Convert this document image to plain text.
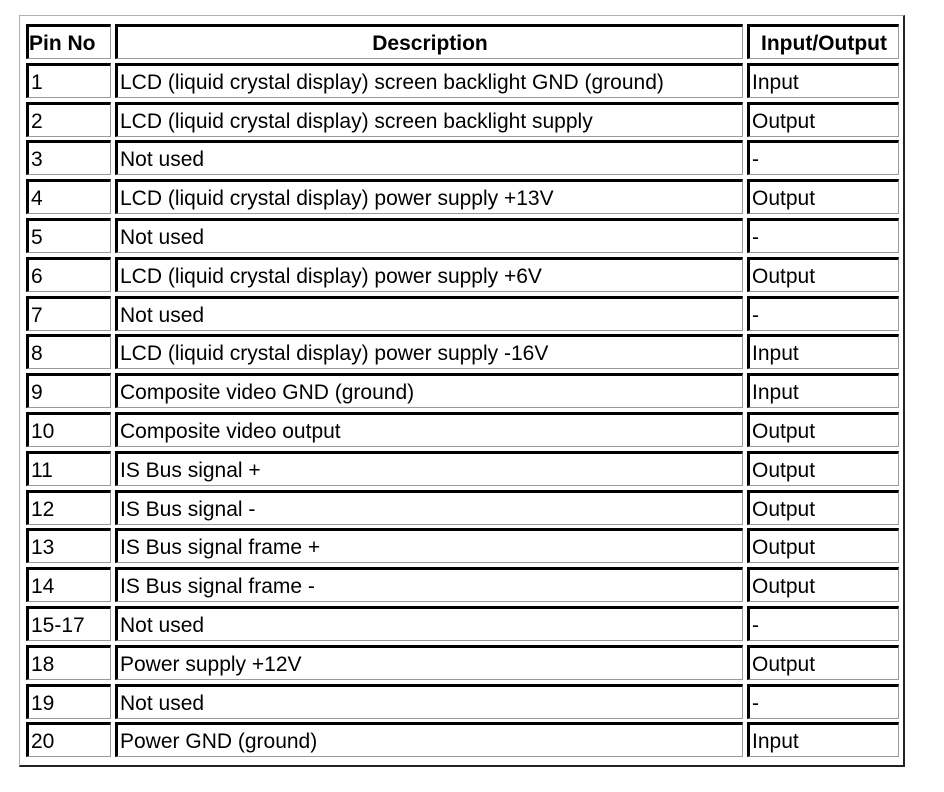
Pin No	Description	Input/Output
1	LCD (liquid crystal display) screen backlight GND (ground)	Input
2	LCD (liquid crystal display) screen backlight supply	Output
3	Not used	-
4	LCD (liquid crystal display) power supply +13V	Output
5	Not used	-
6	LCD (liquid crystal display) power supply +6V	Output
7	Not used	-
8	LCD (liquid crystal display) power supply -16V	Input
9	Composite video GND (ground)	Input
10	Composite video output	Output
11	IS Bus signal +	Output
12	IS Bus signal -	Output
13	IS Bus signal frame +	Output
14	IS Bus signal frame -	Output
15-17	Not used	-
18	Power supply +12V	Output
19	Not used	-
20	Power GND (ground)	Input
